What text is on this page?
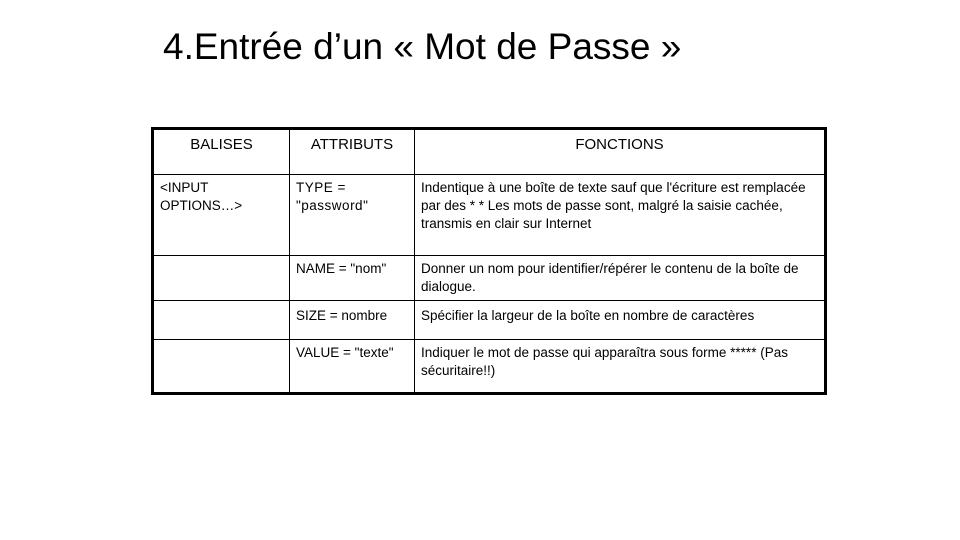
4.Entrée d’un « Mot de Passe »
BALISES	ATTRIBUTS	FONCTIONS
<INPUT OPTIONS…>	TYPE = "password"	Indentique à une boîte de texte sauf que l'écriture est remplacée par des * * Les mots de passe sont, malgré la saisie cachée, transmis en clair sur Internet
	NAME = "nom"	Donner un nom pour identifier/répérer le contenu de la boîte de dialogue.
	SIZE = nombre	Spécifier la largeur de la boîte en nombre de caractères
	VALUE = "texte"	Indiquer le mot de passe qui apparaîtra sous forme ***** (Pas sécuritaire!!)
